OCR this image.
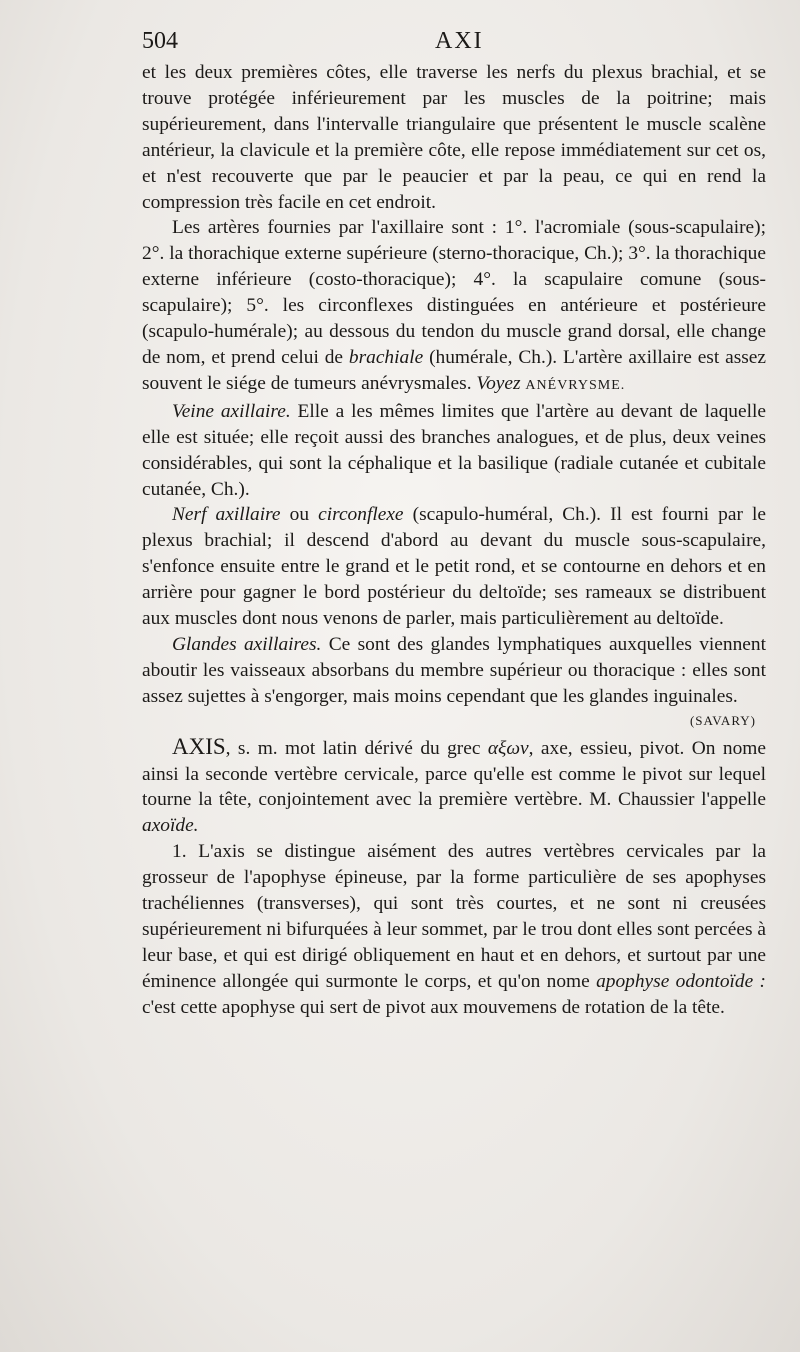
504	AXI

et les deux premières côtes, elle traverse les nerfs du plexus brachial, et se trouve protégée inférieurement par les muscles de la poitrine; mais supérieurement, dans l'intervalle triangulaire que présentent le muscle scalène antérieur, la clavicule et la première côte, elle repose immédiatement sur cet os, et n'est recouverte que par le peaucier et par la peau, ce qui en rend la compression très facile en cet endroit.

Les artères fournies par l'axillaire sont : 1°. l'acromiale (sous-scapulaire); 2°. la thorachique externe supérieure (sterno-thoracique, Ch.); 3°. la thorachique externe inférieure (costo-thoracique); 4°. la scapulaire comune (sous-scapulaire); 5°. les circonflexes distinguées en antérieure et postérieure (scapulo-humérale); au dessous du tendon du muscle grand dorsal, elle change de nom, et prend celui de brachiale (humérale, Ch.). L'artère axillaire est assez souvent le siége de tumeurs anévrysmales. Voyez ANÉVRYSME.

Veine axillaire. Elle a les mêmes limites que l'artère au devant de laquelle elle est située; elle reçoit aussi des branches analogues, et de plus, deux veines considérables, qui sont la céphalique et la basilique (radiale cutanée et cubitale cutanée, Ch.).

Nerf axillaire ou circonflexe (scapulo-huméral, Ch.). Il est fourni par le plexus brachial; il descend d'abord au devant du muscle sous-scapulaire, s'enfonce ensuite entre le grand et le petit rond, et se contourne en dehors et en arrière pour gagner le bord postérieur du deltoïde; ses rameaux se distribuent aux muscles dont nous venons de parler, mais particulièrement au deltoïde.

Glandes axillaires. Ce sont des glandes lymphatiques auxquelles viennent aboutir les vaisseaux absorbans du membre supérieur ou thoracique : elles sont assez sujettes à s'engorger, mais moins cependant que les glandes inguinales.

(SAVARY)

AXIS, s. m. mot latin dérivé du grec αξων, axe, essieu, pivot. On nome ainsi la seconde vertèbre cervicale, parce qu'elle est comme le pivot sur lequel tourne la tête, conjointement avec la première vertèbre. M. Chaussier l'appelle axoïde.

1. L'axis se distingue aisément des autres vertèbres cervicales par la grosseur de l'apophyse épineuse, par la forme particulière de ses apophyses trachéliennes (transverses), qui sont très courtes, et ne sont ni creusées supérieurement ni bifurquées à leur sommet, par le trou dont elles sont percées à leur base, et qui est dirigé obliquement en haut et en dehors, et surtout par une éminence allongée qui surmonte le corps, et qu'on nome apophyse odontoïde : c'est cette apophyse qui sert de pivot aux mouvemens de rotation de la tête.
